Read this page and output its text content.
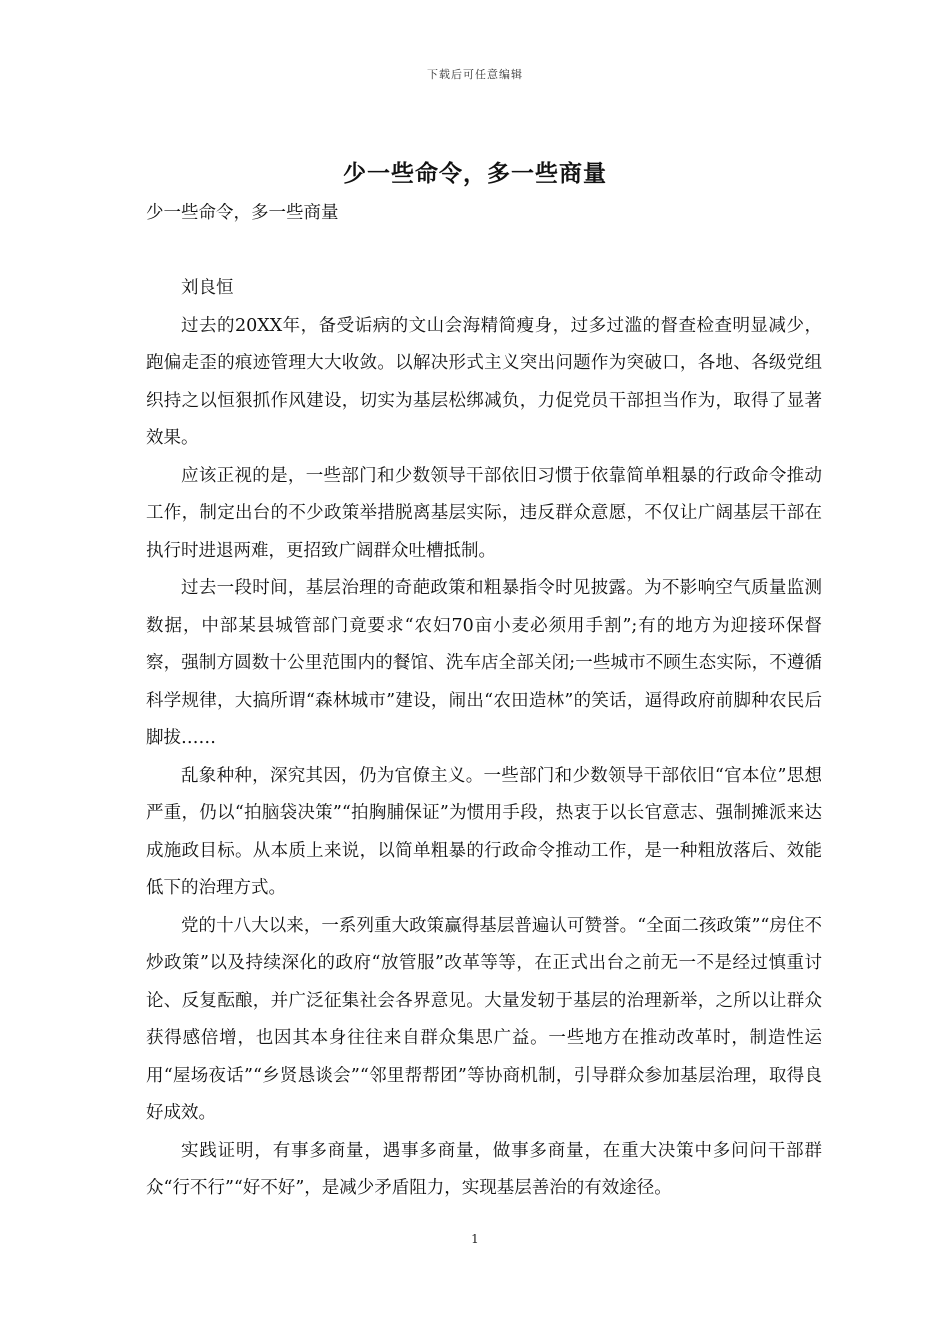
下载后可任意编辑
少一些命令，多一些商量

少一些命令，多一些商量

刘良恒

过去的20XX年，备受诟病的文山会海精简瘦身，过多过滥的督查检查明显减少，跑偏走歪的痕迹管理大大收敛。以解决形式主义突出问题作为突破口，各地、各级党组织持之以恒狠抓作风建设，切实为基层松绑减负，力促党员干部担当作为，取得了显著效果。

应该正视的是，一些部门和少数领导干部依旧习惯于依靠简单粗暴的行政命令推动工作，制定出台的不少政策举措脱离基层实际，违反群众意愿，不仅让广阔基层干部在执行时进退两难，更招致广阔群众吐槽抵制。

过去一段时间，基层治理的奇葩政策和粗暴指令时见披露。为不影响空气质量监测数据，中部某县城管部门竟要求“农妇70亩小麦必须用手割”;有的地方为迎接环保督察，强制方圆数十公里范围内的餐馆、洗车店全部关闭;一些城市不顾生态实际，不遵循科学规律，大搞所谓“森林城市”建设，闹出“农田造林”的笑话，逼得政府前脚种农民后脚拔……

乱象种种，深究其因，仍为官僚主义。一些部门和少数领导干部依旧“官本位”思想严重，仍以“拍脑袋决策”“拍胸脯保证”为惯用手段，热衷于以长官意志、强制摊派来达成施政目标。从本质上来说，以简单粗暴的行政命令推动工作，是一种粗放落后、效能低下的治理方式。

党的十八大以来，一系列重大政策赢得基层普遍认可赞誉。“全面二孩政策”“房住不炒政策”以及持续深化的政府“放管服”改革等等，在正式出台之前无一不是经过慎重讨论、反复酝酿，并广泛征集社会各界意见。大量发轫于基层的治理新举，之所以让群众获得感倍增，也因其本身往往来自群众集思广益。一些地方在推动改革时，制造性运用“屋场夜话”“乡贤恳谈会”“邻里帮帮团”等协商机制，引导群众参加基层治理，取得良好成效。

实践证明，有事多商量，遇事多商量，做事多商量，在重大决策中多问问干部群众“行不行”“好不好”，是减少矛盾阻力，实现基层善治的有效途径。

1
